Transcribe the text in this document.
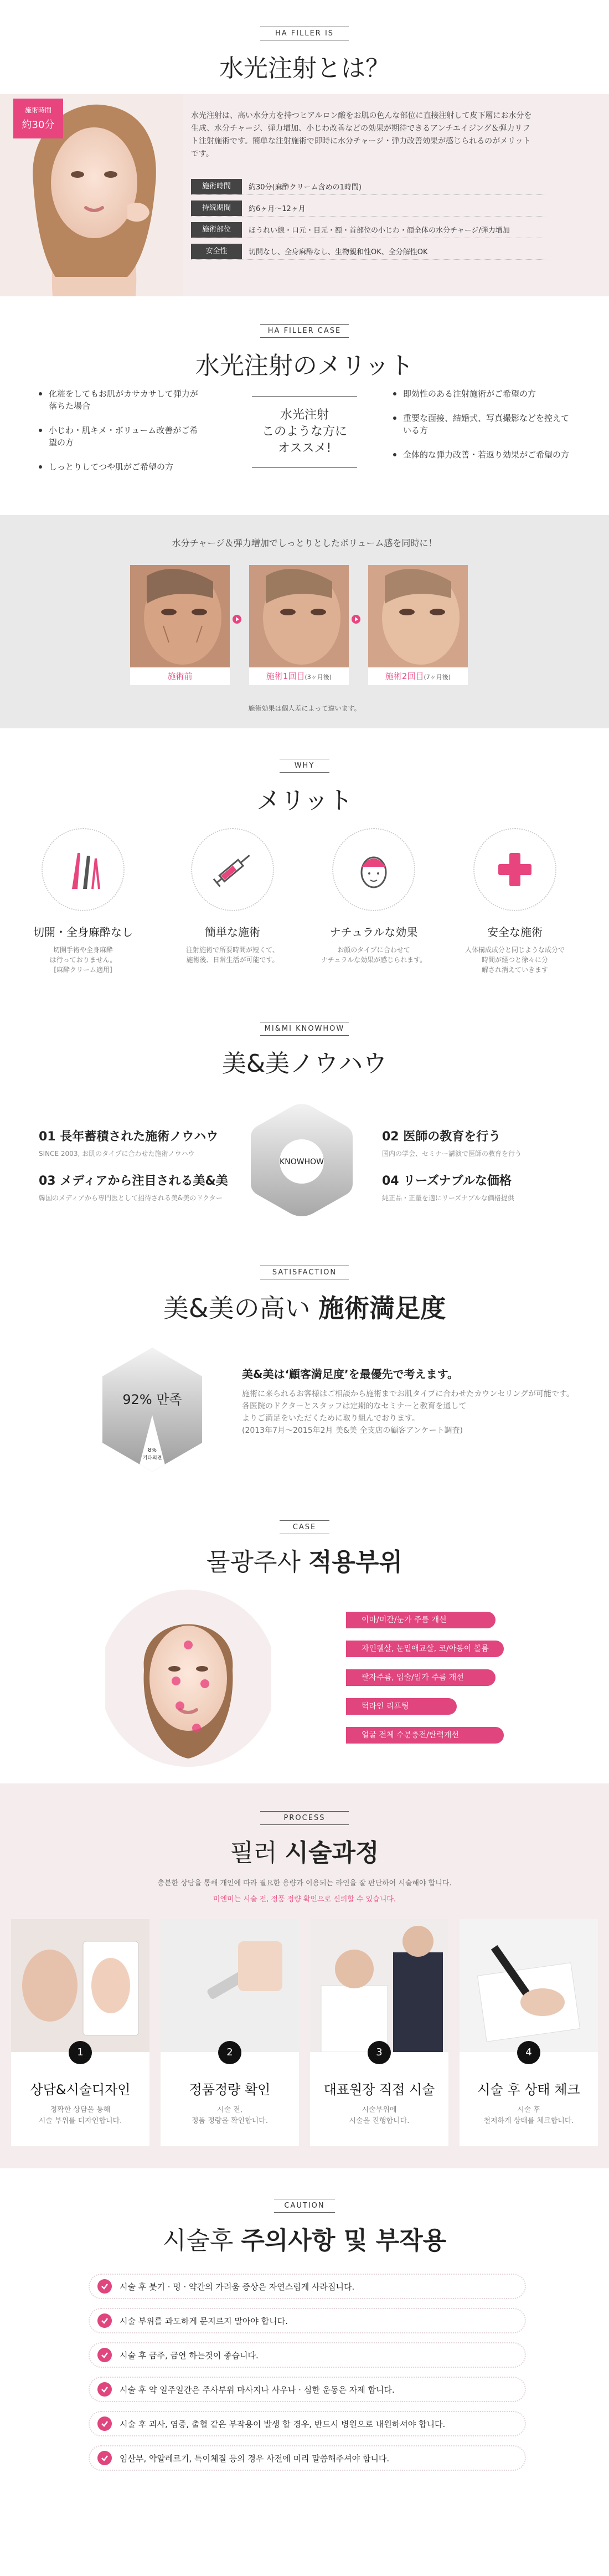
HA FILLER IS
水光注射とは？
施術時間
約30分

水光注射は、高い水分力を持つヒアルロン酸をお肌の色んな部位に直接注射して皮下層にお水分を生成、水分チャージ、弾力増加、小じわ改善などの効果が期待できるアンチエイジング＆弾力リフト注射施術です。簡単な注射施術で即時に水分チャージ・弾力改善効果が感じられるのがメリットです。

施術時間	約30分(麻酔クリーム含めの1時間)
持続期間	約6ヶ月〜12ヶ月
施術部位	ほうれい線・口元・目元・額・首部位の小じわ・顔全体の水分チャージ/弾力増加
安全性	切開なし、全身麻酔なし、生物親和性OK、全分解性OK
HA FILLER CASE
水光注射のメリット
化粧をしてもお肌がカサカサして弾力が落ちた場合
小じわ・肌キメ・ボリューム改善がご希望の方
しっとりしてつや肌がご希望の方
水光注射
このような方に
オススメ!
即効性のある注射施術がご希望の方
重要な面接、結婚式、写真撮影などを控えている方
全体的な弾力改善・若返り効果がご希望の方
水分チャージ＆弾力増加でしっとりとしたボリューム感を同時に！
施術前	施術1回目(3ヶ月後)	施術2回目(7ヶ月後)
施術効果は個人差によって違います。
WHY
メリット
切開・全身麻酔なし
切開手術や全身麻酔
は行っておりません。
[麻酔クリーム適用]
簡単な施術
注射施術で所要時間が短くて、
施術後、日常生活が可能です。
ナチュラルな効果
お顔のタイプに合わせて
ナチュラルな効果が感じられます。
安全な施術
人体構成成分と同じような成分で
時間が経つと徐々に分
解され消えていきます
MI&MI KNOWHOW
美&美ノウハウ
KNOWHOW
01 長年蓄積された施術ノウハウ
SINCE 2003, お肌のタイプに合わせた施術ノウハウ
02 医師の教育を行う
国内の学会、セミナー講演で医師の教育を行う
03 メディアから注目される美&美
韓国のメディアから専門医として招待される美&美のドクター
04 リーズナブルな価格
純正品・正量を適にリーズナブルな価格提供
SATISFACTION
美&美の高い 施術満足度
92% 만족
8%
기타의견
美&美は‘顧客満足度’を最優先で考えます。
施術に来られるお客様はご相談から施術までお肌タイプに合わせたカウンセリングが可能です。
各医院のドクターとスタッフは定期的なセミナーと教育を通して
よりご満足をいただくために取り組んでおります。
(2013年7月〜2015年2月 美&美 全支店の顧客アンケート調査)
CASE
물광주사 적용부위
이마/미간/눈가 주름 개선
자인웰살, 눈밑애교살, 코/아동이 볼륨
팔자주름, 입술/입가 주름 개선
턱라인 리프팅
얼굴 전체 수분충전/탄력개선
PROCESS
필러 시술과정
충분한 상담을 통해 개인에 따라 필요한 용량과 이용되는 라인을 잘 판단하여 시술해야 합니다.
미엔미는 시술 전, 정품 정량 확인으로 신뢰할 수 있습니다.
1
상담&시술디자인
정확한 상담을 통해
시술 부위를 디자인합니다.
2
정품정량 확인
시술 전,
정품 정량을 확인합니다.
3
대표원장 직접 시술
시술부위에
시술을 진행합니다.
4
시술 후 상태 체크
시술 후
철저하게 상태를 체크합니다.
CAUTION
시술후 주의사항 및 부작용
시술 후 붓기 · 멍 · 약간의 가려움 증상은 자연스럽게 사라집니다.
시술 부위를 과도하게 문지르지 말아야 합니다.
시술 후 금주, 금연 하는것이 좋습니다.
시술 후 약 일주일간은 주사부위 마사지나 사우나 · 심한 운동은 자제 합니다.
시술 후 괴사, 염증, 출혈 같은 부작용이 발생 할 경우, 반드시 병원으로 내원하셔야 합니다.
임산부, 약알레르기, 특이체질 등의 경우 사전에 미리 말씀해주셔야 합니다.
